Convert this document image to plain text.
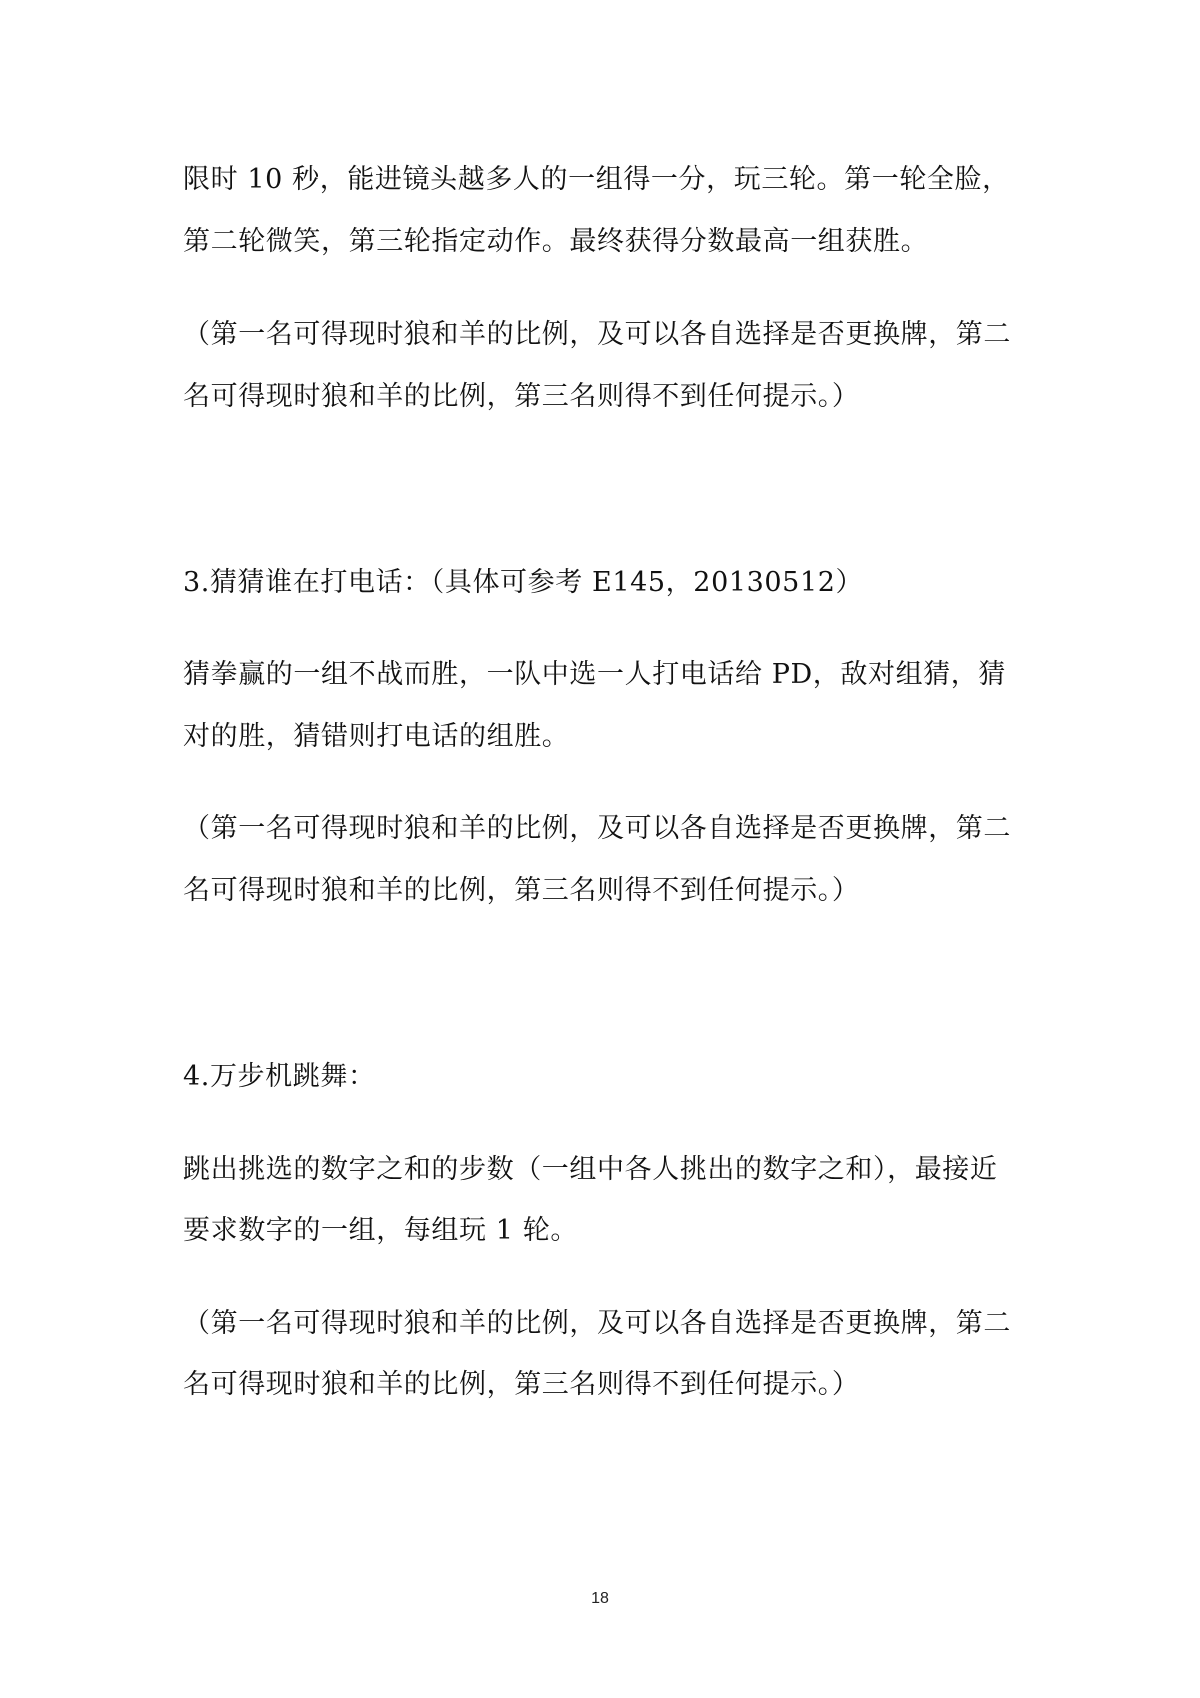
限时 10 秒，能进镜头越多人的一组得一分，玩三轮。第一轮全脸，

第二轮微笑，第三轮指定动作。最终获得分数最高一组获胜。

（第一名可得现时狼和羊的比例，及可以各自选择是否更换牌，第二

名可得现时狼和羊的比例，第三名则得不到任何提示。）

3.猜猜谁在打电话：（具体可参考 E145，20130512）

猜拳赢的一组不战而胜，一队中选一人打电话给 PD，敌对组猜，猜

对的胜，猜错则打电话的组胜。

（第一名可得现时狼和羊的比例，及可以各自选择是否更换牌，第二

名可得现时狼和羊的比例，第三名则得不到任何提示。）

4.万步机跳舞：

跳出挑选的数字之和的步数（一组中各人挑出的数字之和），最接近

要求数字的一组，每组玩 1 轮。

（第一名可得现时狼和羊的比例，及可以各自选择是否更换牌，第二

名可得现时狼和羊的比例，第三名则得不到任何提示。）

18
